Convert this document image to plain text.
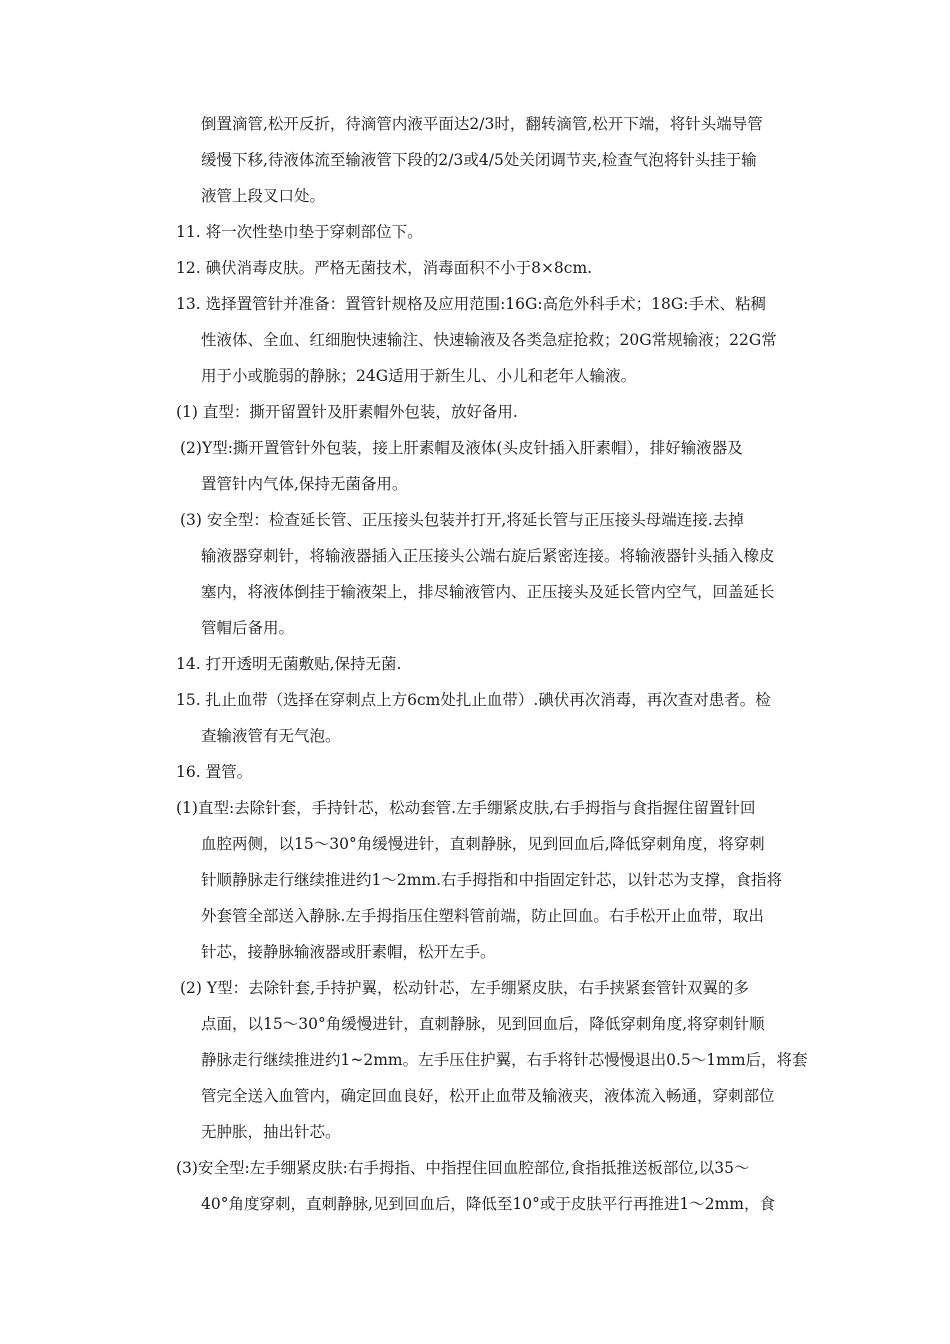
倒置滴管,松开反折，待滴管内液平面达2/3时，翻转滴管,松开下端，将针头端导管
缓慢下移,待液体流至输液管下段的2/3或4/5处关闭调节夹,检查气泡将针头挂于输
液管上段叉口处。
11. 将一次性垫巾垫于穿刺部位下。
12. 碘伏消毒皮肤。严格无菌技术，消毒面积不小于8×8cm.
13. 选择置管针并准备：置管针规格及应用范围:16G:高危外科手术；18G:手术、粘稠
性液体、全血、红细胞快速输注、快速输液及各类急症抢救；20G常规输液；22G常
用于小或脆弱的静脉；24G适用于新生儿、小儿和老年人输液。
(1) 直型：撕开留置针及肝素帽外包装，放好备用.
(2)Y型:撕开置管针外包装，接上肝素帽及液体(头皮针插入肝素帽），排好输液器及
置管针内气体,保持无菌备用。
(3) 安全型：检查延长管、正压接头包装并打开,将延长管与正压接头母端连接.去掉
输液器穿刺针，将输液器插入正压接头公端右旋后紧密连接。将输液器针头插入橡皮
塞内，将液体倒挂于输液架上，排尽输液管内、正压接头及延长管内空气，回盖延长
管帽后备用。
14. 打开透明无菌敷贴,保持无菌.
15. 扎止血带（选择在穿刺点上方6cm处扎止血带）.碘伏再次消毒，再次查对患者。检
查输液管有无气泡。
16. 置管。
(1)直型:去除针套，手持针芯，松动套管.左手绷紧皮肤,右手拇指与食指握住留置针回
血腔两侧，以15～30°角缓慢进针，直刺静脉，见到回血后,降低穿刺角度，将穿刺
针顺静脉走行继续推进约1～2mm.右手拇指和中指固定针芯，以针芯为支撑，食指将
外套管全部送入静脉.左手拇指压住塑料管前端，防止回血。右手松开止血带，取出
针芯，接静脉输液器或肝素帽，松开左手。
(2) Y型：去除针套,手持护翼，松动针芯，左手绷紧皮肤，右手挟紧套管针双翼的多
点面，以15～30°角缓慢进针，直刺静脉，见到回血后，降低穿刺角度,将穿刺针顺
静脉走行继续推进约1~2mm。左手压住护翼，右手将针芯慢慢退出0.5～1mm后，将套
管完全送入血管内，确定回血良好，松开止血带及输液夹，液体流入畅通，穿刺部位
无肿胀，抽出针芯。
(3)安全型:左手绷紧皮肤:右手拇指、中指捏住回血腔部位,食指抵推送板部位,以35～
40°角度穿刺，直刺静脉,见到回血后，降低至10°或于皮肤平行再推进1～2mm，食
